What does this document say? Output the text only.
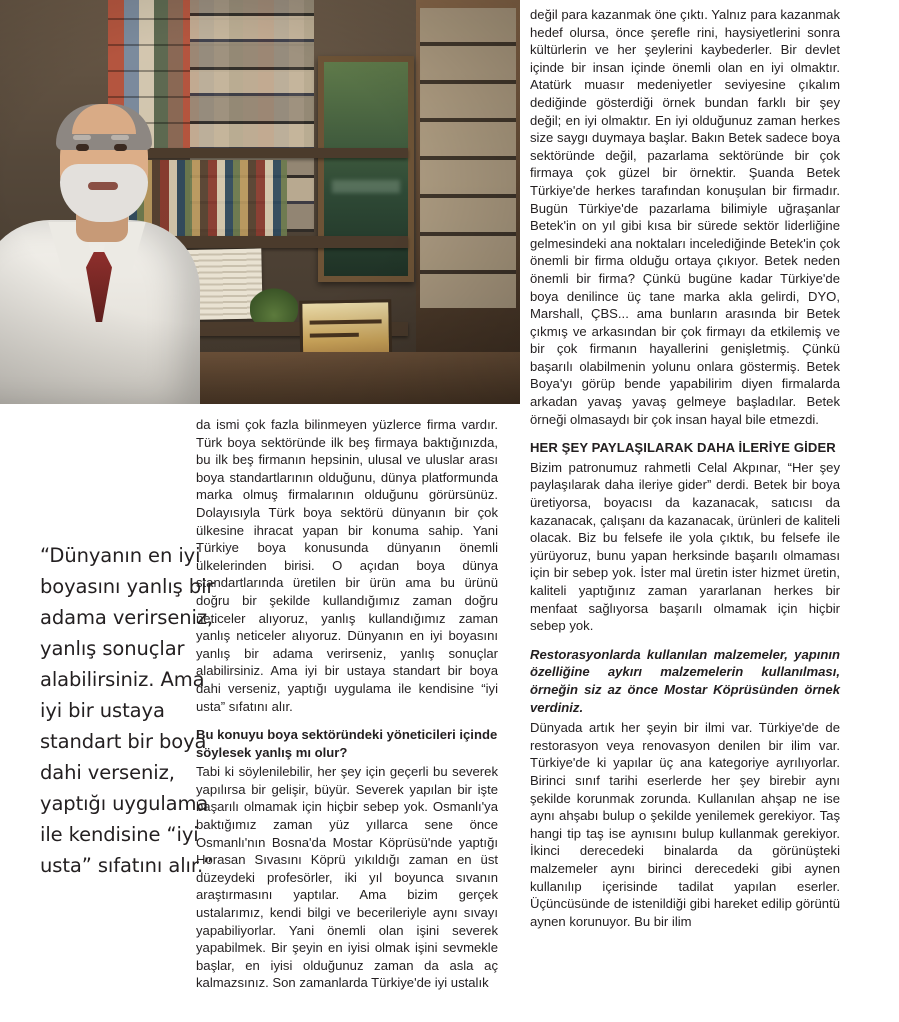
“Dünyanın en iyi boyasını yanlış bir adama verirseniz, yanlış sonuçlar alabilirsiniz. Ama iyi bir ustaya standart bir boya dahi verseniz, yaptığı uygulama ile kendisine “iyi usta” sıfatını alır.”

da ismi çok fazla bilinmeyen yüzlerce firma vardır. Türk boya sektöründe ilk beş firmaya baktığınızda, bu ilk beş firmanın hepsinin, ulusal ve uluslar arası boya standartlarının olduğunu, dünya platformunda marka olmuş firmalarının olduğunu görürsünüz. Dolayısıyla Türk boya sektörü dünyanın bir çok ülkesine ihracat yapan bir konuma sahip. Yani Türkiye boya konusunda dünyanın önemli ülkelerinden birisi. O açıdan boya dünya standartlarında üretilen bir ürün ama bu ürünü doğru bir şekilde kullandığımız zaman doğru neticeler alıyoruz, yanlış kullandığımız zaman yanlış neticeler alıyoruz. Dünyanın en iyi boyasını yanlış bir adama verirseniz, yanlış sonuçlar alabilirsiniz. Ama iyi bir ustaya standart bir boya dahi verseniz, yaptığı uygulama ile kendisine “iyi usta” sıfatını alır.

Bu konuyu boya sektöründeki yöneticileri içinde söylesek yanlış mı olur?

Tabi ki söylenilebilir, her şey için geçerli bu severek yapılırsa bir gelişir, büyür. Severek yapılan bir işte başarılı olmamak için hiçbir sebep yok. Osmanlı'ya baktığımız zaman yüz yıllarca sene önce Osmanlı'nın Bosna'da Mostar Köprüsü'nde yaptığı Horasan Sıvasını Köprü yıkıldığı zaman en üst düzeydeki profesörler, iki yıl boyunca sıvanın araştırmasını yaptılar. Ama bizim gerçek ustalarımız, kendi bilgi ve becerileriyle aynı sıvayı yapabiliyorlar. Yani önemli olan işini severek yapabilmek. Bir şeyin en iyisi olmak işini sevmekle başlar, en iyisi olduğunuz zaman da asla aç kalmazsınız. Son zamanlarda Türkiye'de iyi ustalık

değil para kazanmak öne çıktı. Yalnız para kazanmak hedef olursa, önce şerefle rini, haysiyetlerini sonra kültürlerin ve her şeylerini kaybederler. Bir devlet içinde bir insan içinde önemli olan en iyi olmaktır. Atatürk muasır medeniyetler seviyesine çıkalım dediğinde gösterdiği örnek bundan farklı bir şey değil; en iyi olmaktır. En iyi olduğunuz zaman herkes size saygı duymaya başlar. Bakın Betek sadece boya sektöründe değil, pazarlama sektöründe bir çok firmaya çok güzel bir örnektir. Şuanda Betek Türkiye'de herkes tarafından konuşulan bir firmadır. Bugün Türkiye'de pazarlama bilimiyle uğraşanlar Betek'in on yıl gibi kısa bir sürede sektör liderliğine gelmesindeki ana noktaları incelediğinde Betek'in çok önemli bir firma olduğu ortaya çıkıyor. Betek neden önemli bir firma? Çünkü bugüne kadar Türkiye'de boya denilince üç tane marka akla gelirdi, DYO, Marshall, ÇBS... ama bunların arasında bir Betek çıkmış ve arkasından bir çok firmayı da etkilemiş ve bir çok firmanın hayallerini genişletmiş. Çünkü başarılı olabilmenin yolunu onlara göstermiş. Betek Boya'yı görüp bende yapabilirim diyen firmalarda arkadan yavaş yavaş gelmeye başladılar. Betek örneği olmasaydı bir çok insan hayal bile etmezdi.

HER ŞEY PAYLAŞILARAK DAHA İLERİYE GİDER

Bizim patronumuz rahmetli Celal Akpınar, “Her şey paylaşılarak daha ileriye gider” derdi. Betek bir boya üretiyorsa, boyacısı da kazanacak, satıcısı da kazanacak, çalışanı da kazanacak, ürünleri de kaliteli olacak. Biz bu felsefe ile yola çıktık, bu felsefe ile yürüyoruz, bunu yapan herksinde başarılı olmaması için bir sebep yok. İster mal üretin ister hizmet üretin, kaliteli yaptığınız zaman yararlanan herkes bir menfaat sağlıyorsa başarılı olmamak için hiçbir sebep yok.

Restorasyonlarda kullanılan malzemeler, yapının özelliğine aykırı malzemelerin kullanılması, örneğin siz az önce Mostar Köprüsünden örnek verdiniz.

Dünyada artık her şeyin bir ilmi var. Türkiye'de de restorasyon veya renovasyon denilen bir ilim var. Türkiye'de ki yapılar üç ana kategoriye ayrılıyorlar. Birinci sınıf tarihi eserlerde her şey birebir aynı şekilde korunmak zorunda. Kullanılan ahşap ne ise aynı ahşabı bulup o şekilde yenilemek gerekiyor. Taş hangi tip taş ise aynısını bulup kullanmak gerekiyor. İkinci derecedeki binalarda da görünüşteki malzemeler aynı birinci derecedeki gibi aynen kullanılıp içerisinde tadilat yapılan eserler. Üçüncüsünde de istenildiği gibi hareket edilip görüntü aynen korunuyor. Bu bir ilim
